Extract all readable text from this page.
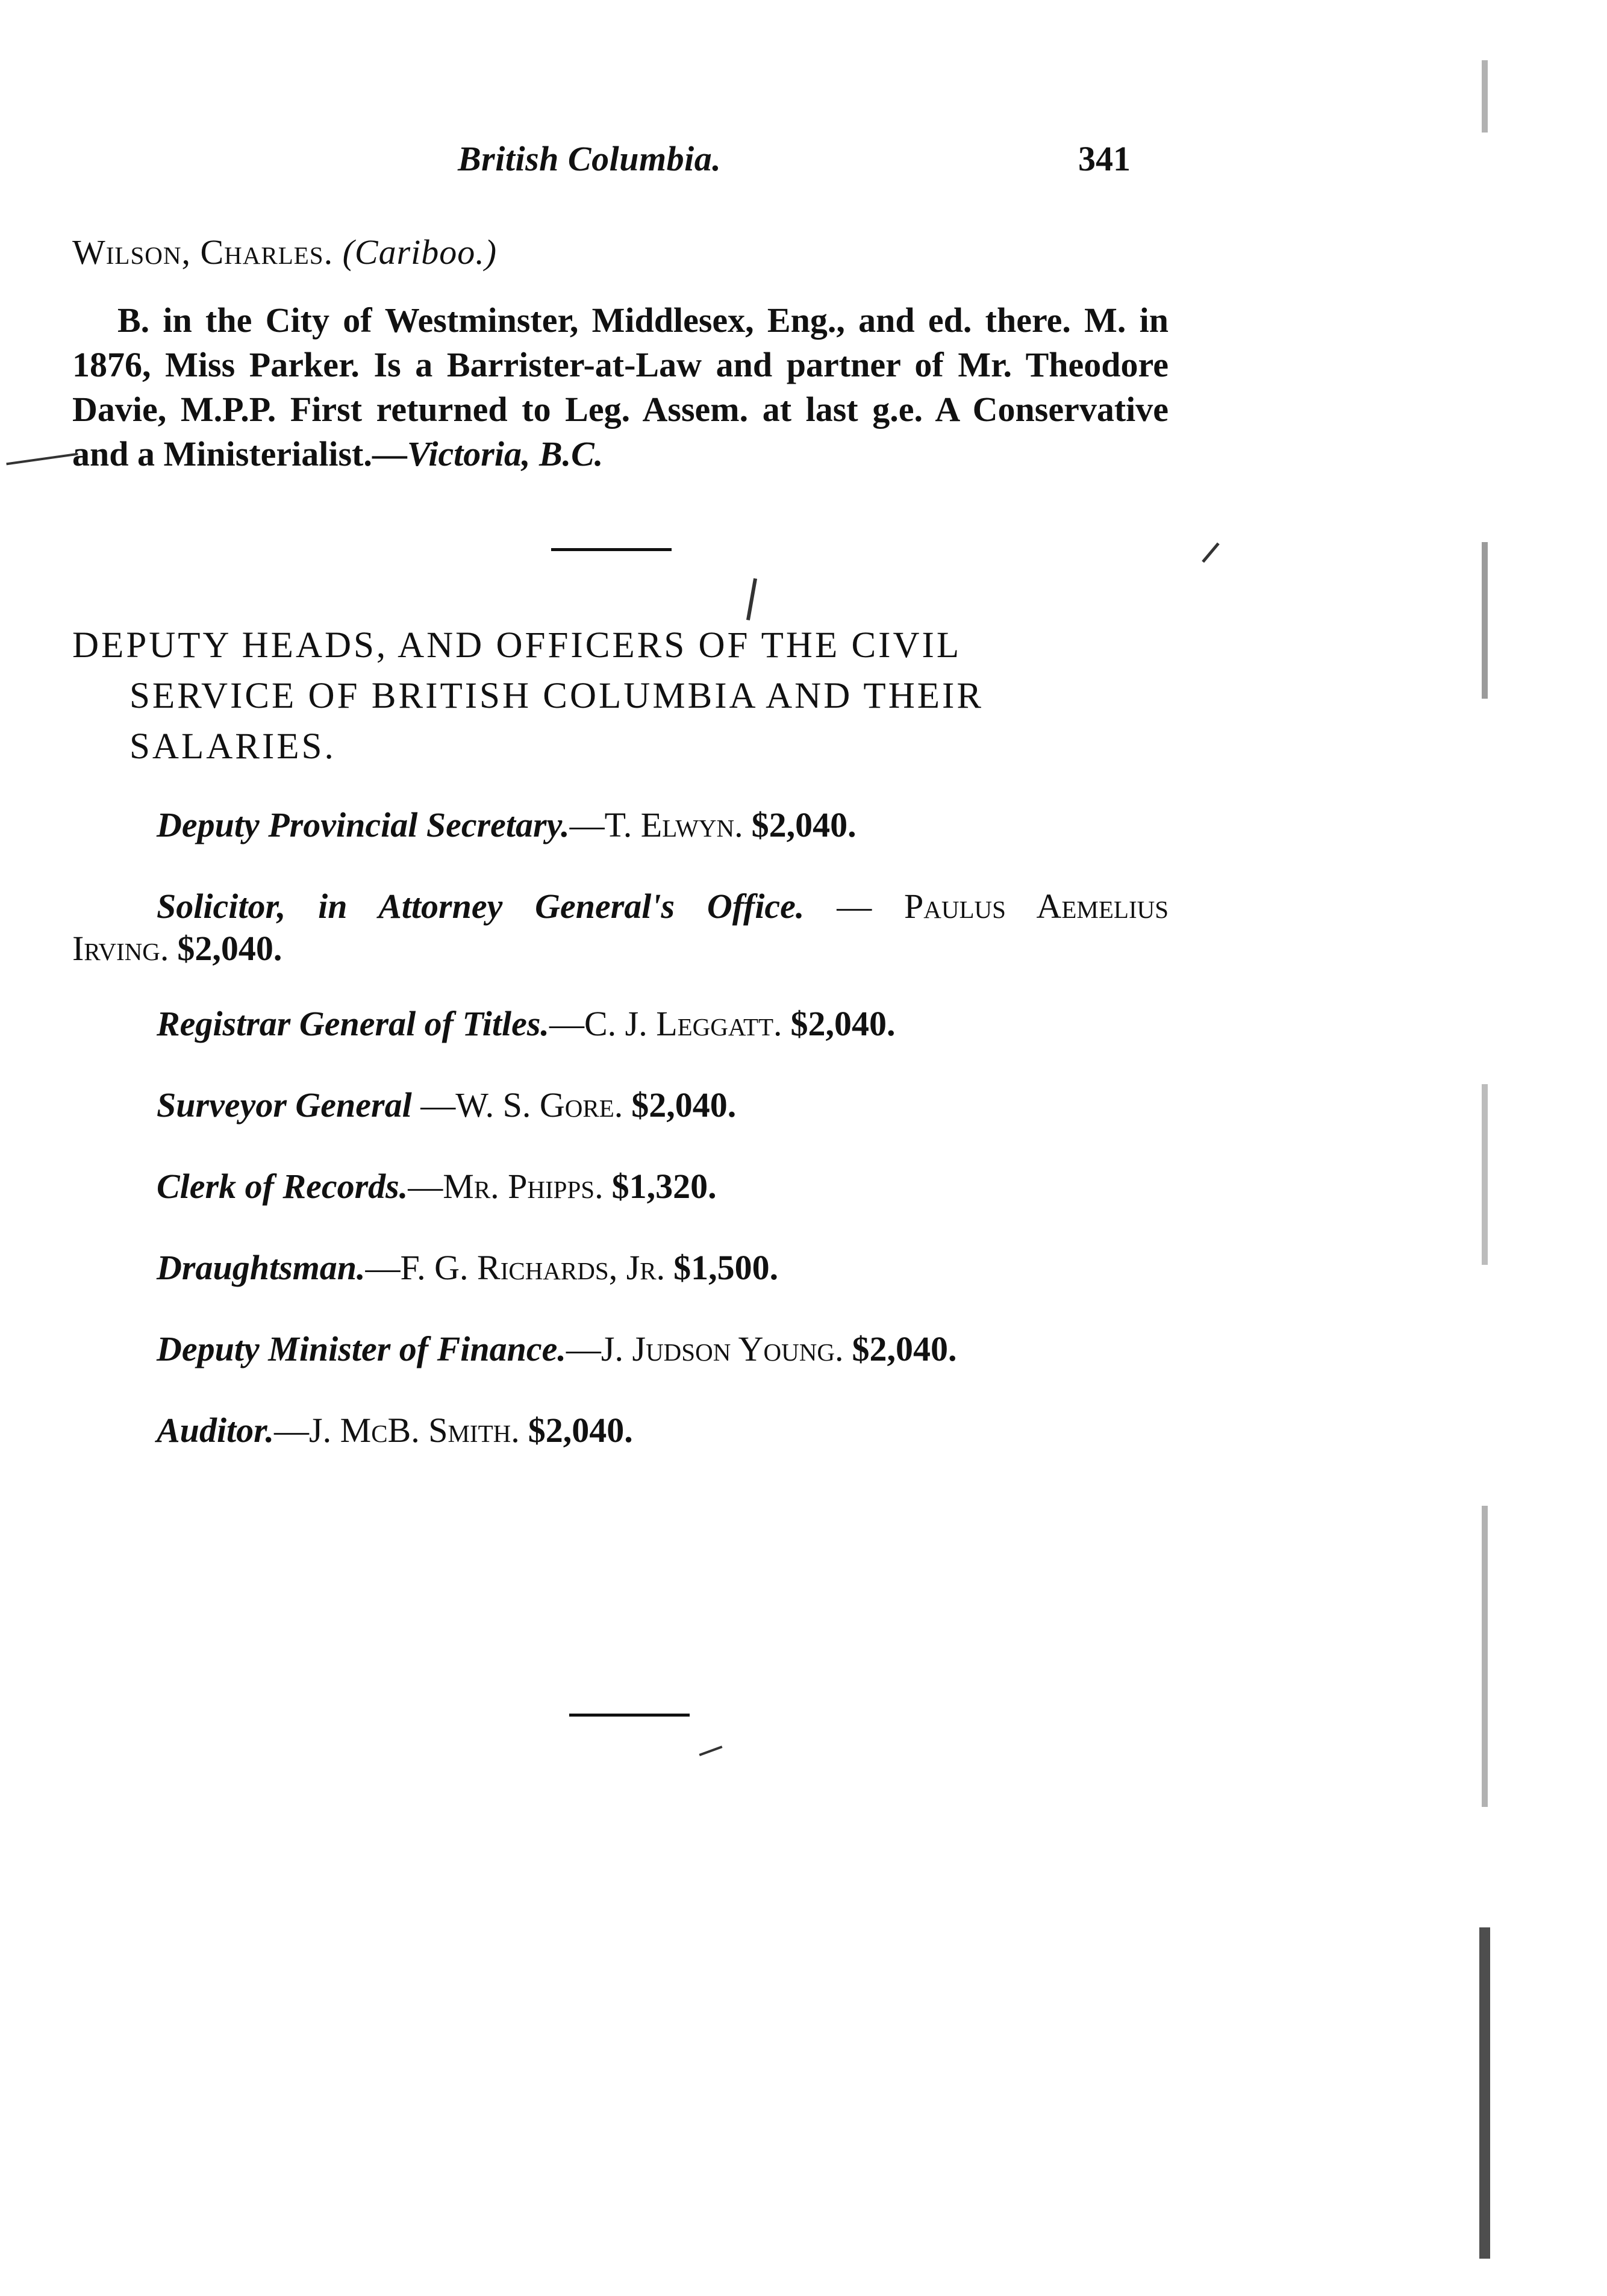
British Columbia.	341
Wilson, Charles. (Cariboo.)
B. in the City of Westminster, Middlesex, Eng., and ed. there. M. in 1876, Miss Parker. Is a Barrister-at-Law and partner of Mr. Theodore Davie, M.P.P. First returned to Leg. Assem. at last g.e. A Conservative and a Ministerialist.—Victoria, B.C.
DEPUTY HEADS, AND OFFICERS OF THE CIVIL
SERVICE OF BRITISH COLUMBIA AND THEIR
SALARIES.
Deputy Provincial Secretary.—T. Elwyn. $2,040.
Solicitor, in Attorney General's Office. — Paulus Aemelius Irving. $2,040.
Registrar General of Titles.—C. J. Leggatt. $2,040.
Surveyor General —W. S. Gore. $2,040.
Clerk of Records.—Mr. Phipps. $1,320.
Draughtsman.—F. G. Richards, Jr. $1,500.
Deputy Minister of Finance.—J. Judson Young. $2,040.
Auditor.—J. McB. Smith. $2,040.
